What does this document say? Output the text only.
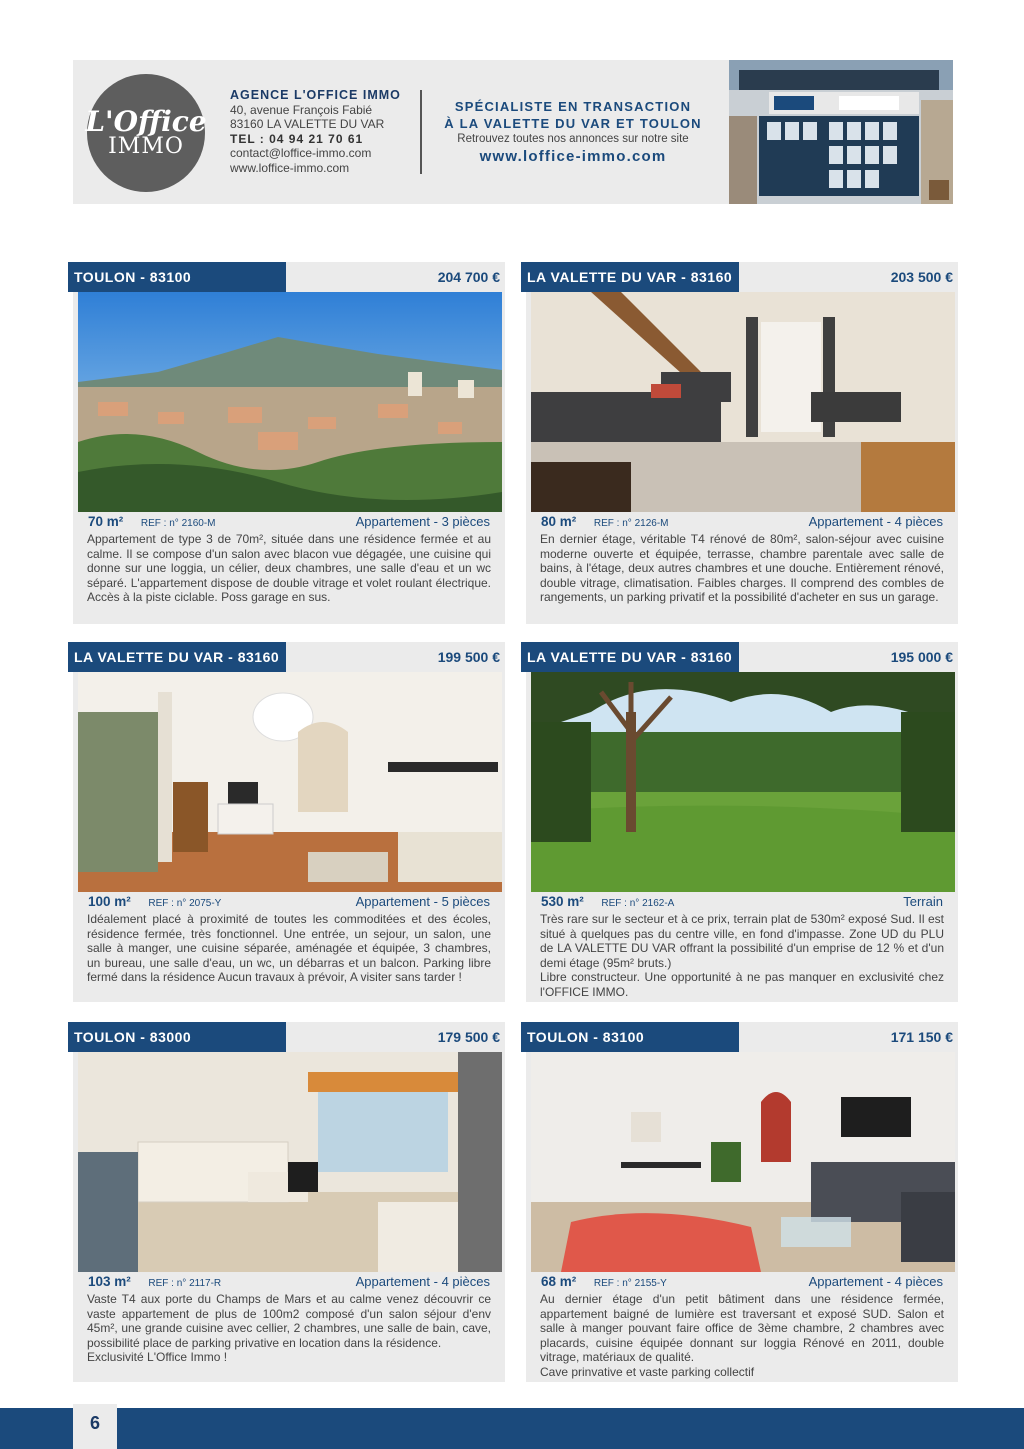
L'Office
IMMO
AGENCE L'OFFICE IMMO
40, avenue François Fabié
83160 LA VALETTE DU VAR
TEL : 04 94 21 70 61
contact@loffice-immo.com
www.loffice-immo.com
SPÉCIALISTE EN TRANSACTION
À LA VALETTE DU VAR ET TOULON
Retrouvez toutes nos annonces sur notre site
www.loffice-immo.com
TOULON - 83100	204 700 €
70 m² REF : n° 2160-M	Appartement - 3 pièces
Appartement de type 3 de 70m², située dans une résidence fermée et au calme. Il se compose d'un salon avec blacon vue dégagée, une cuisine qui donne sur une loggia, un célier, deux chambres, une salle d'eau et un wc séparé. L'appartement dispose de double vitrage et volet roulant électrique. Accès à la piste ciclable. Poss garage en sus.
LA VALETTE DU VAR - 83160	203 500 €
80 m² REF : n° 2126-M	Appartement - 4 pièces
En dernier étage, véritable T4 rénové de 80m², salon-séjour avec cuisine moderne ouverte et équipée, terrasse, chambre parentale avec salle de bains, à l'étage, deux autres chambres et une douche. Entièrement rénové, double vitrage, climatisation. Faibles charges. Il comprend des combles de rangements, un parking privatif et la possibilité d'acheter en sus un garage.
LA VALETTE DU VAR - 83160	199 500 €
100 m² REF : n° 2075-Y	Appartement - 5 pièces
Idéalement placé à proximité de toutes les commoditées et des écoles, résidence fermée, très fonctionnel. Une entrée, un sejour, un salon, une salle à manger, une cuisine séparée, aménagée et équipée, 3 chambres, un bureau, une salle d'eau, un wc, un débarras et un balcon. Parking libre fermé dans la résidence Aucun travaux à prévoir, A visiter sans tarder !
LA VALETTE DU VAR - 83160	195 000 €
530 m² REF : n° 2162-A	Terrain
Très rare sur le secteur et à ce prix, terrain plat de 530m² exposé Sud. Il est situé à quelques pas du centre ville, en fond d'impasse. Zone UD du PLU de LA VALETTE DU VAR offrant la possibilité d'un emprise de 12 % et d'un demi étage (95m² bruts.)
Libre constructeur. Une opportunité à ne pas manquer en exclusivité chez l'OFFICE IMMO.
TOULON - 83000	179 500 €
103 m² REF : n° 2117-R	Appartement - 4 pièces
Vaste T4 aux porte du Champs de Mars et au calme venez découvrir ce vaste appartement de plus de 100m2 composé d'un salon séjour d'env 45m², une grande cuisine avec cellier, 2 chambres, une salle de bain, cave, possibilité place de parking privative en location dans la résidence.
Exclusivité L'Office Immo !
TOULON - 83100	171 150 €
68 m² REF : n° 2155-Y	Appartement - 4 pièces
Au dernier étage d'un petit bâtiment dans une résidence fermée, appartement baigné de lumière est traversant et exposé SUD. Salon et salle à manger pouvant faire office de 3ème chambre, 2 chambres avec placards, cuisine équipée donnant sur loggia Rénové en 2011, double vitrage, matériaux de qualité.
Cave prinvative et vaste parking collectif
6
